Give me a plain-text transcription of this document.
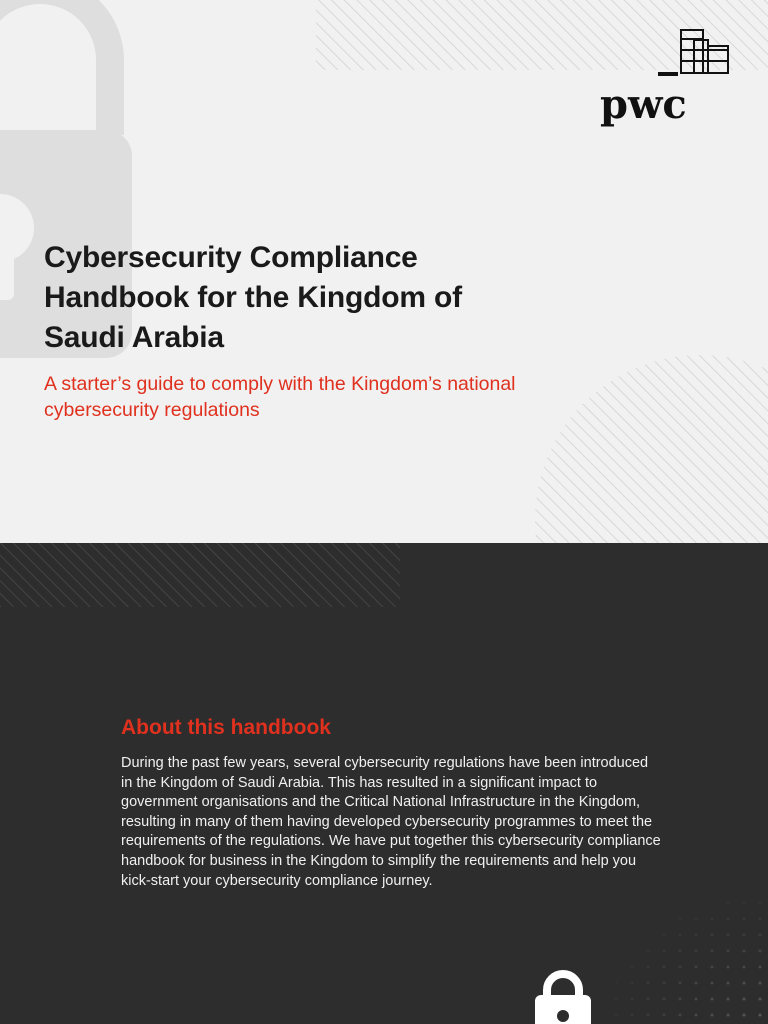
pwc
Cybersecurity Compliance Handbook for the Kingdom of Saudi Arabia

A starter’s guide to comply with the Kingdom’s national cybersecurity regulations

About this handbook

During the past few years, several cybersecurity regulations have been introduced in the Kingdom of Saudi Arabia. This has resulted in a significant impact to government organisations and the Critical National Infrastructure in the Kingdom, resulting in many of them having developed cybersecurity programmes to meet the requirements of the regulations. We have put together this cybersecurity compliance handbook for business in the Kingdom to simplify the requirements and help you kick-start your cybersecurity compliance journey.
